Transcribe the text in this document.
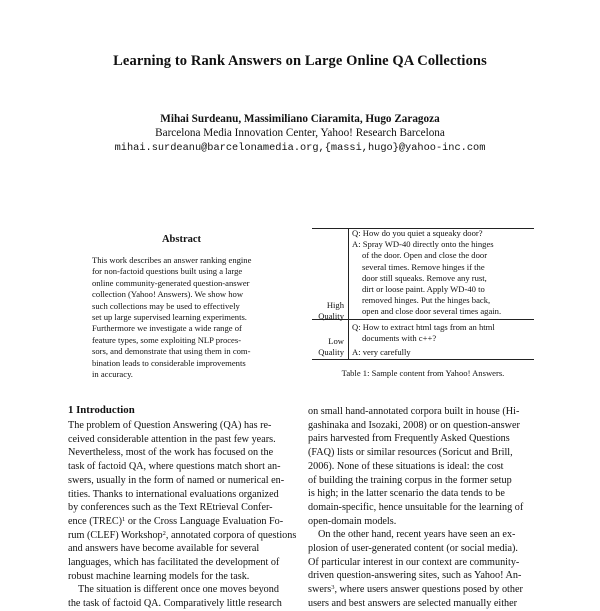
Learning to Rank Answers on Large Online QA Collections
Mihai Surdeanu, Massimiliano Ciaramita, Hugo Zaragoza
Barcelona Media Innovation Center, Yahoo! Research Barcelona
mihai.surdeanu@barcelonamedia.org,{massi,hugo}@yahoo-inc.com
Abstract
This work describes an answer ranking engine
for non-factoid questions built using a large
online community-generated question-answer
collection (Yahoo! Answers). We show how
such collections may be used to effectively
set up large supervised learning experiments.
Furthermore we investigate a wide range of
feature types, some exploiting NLP proces-
sors, and demonstrate that using them in com-
bination leads to considerable improvements
in accuracy.
Q: How do you quiet a squeaky door?
A: Spray WD-40 directly onto the hinges
of the door. Open and close the door
several times. Remove hinges if the
door still squeaks. Remove any rust,
dirt or loose paint. Apply WD-40 to
removed hinges. Put the hinges back,
open and close door several times again.
High
Quality
Q: How to extract html tags from an html
documents with c++?
A: very carefully
Low
Quality
Table 1: Sample content from Yahoo! Answers.
1 Introduction
The problem of Question Answering (QA) has re-
ceived considerable attention in the past few years.
Nevertheless, most of the work has focused on the
task of factoid QA, where questions match short an-
swers, usually in the form of named or numerical en-
tities. Thanks to international evaluations organized
by conferences such as the Text REtrieval Confer-
ence (TREC)$^1$ or the Cross Language Evaluation Fo-
rum (CLEF) Workshop$^2$, annotated corpora of questions
and answers have become available for several
languages, which has facilitated the development of
robust machine learning models for the task.
The situation is different once one moves beyond
the task of factoid QA. Comparatively little research
on small hand-annotated corpora built in house (Hi-
gashinaka and Isozaki, 2008) or on question-answer
pairs harvested from Frequently Asked Questions
(FAQ) lists or similar resources (Soricut and Brill,
2006). None of these situations is ideal: the cost
of building the training corpus in the former setup
is high; in the latter scenario the data tends to be
domain-specific, hence unsuitable for the learning of
open-domain models.
On the other hand, recent years have seen an ex-
plosion of user-generated content (or social media).
Of particular interest in our context are community-
driven question-answering sites, such as Yahoo! An-
swers$^3$, where users answer questions posed by other
users and best answers are selected manually either
